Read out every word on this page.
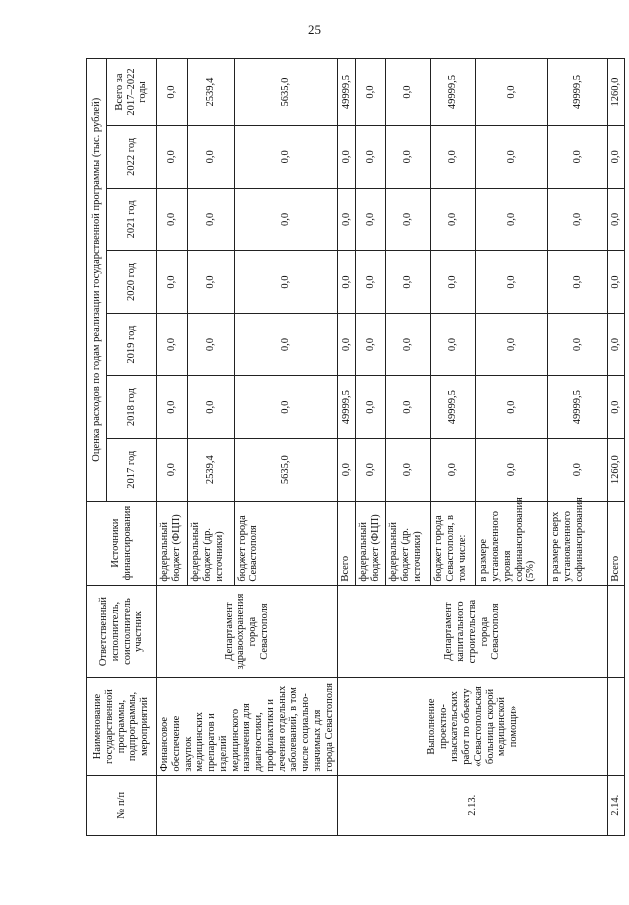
25
№ п/п	Наименование государственной программы, подпрограммы, мероприятий	Ответственный исполнитель, соисполнитель участник	Источники финансирования	Оценка расходов по годам реализации государственной программы (тыс. рублей)						
				2017 год	2018 год	2019 год	2020 год	2021 год	2022 год	Всего за 2017–2022 годы
	Финансовое обеспечение закупок медицинских препаратов и изделий медицинского назначения для диагностики, профилактики и лечения отдельных заболеваний, в том числе социально-значимых для города Севастополя	Департамент здравоохранения города Севастополя	федеральный бюджет (ФЦП)	0,0	0,0	0,0	0,0	0,0	0,0	0,0
			федеральный бюджет (др. источники)	2539,4	0,0	0,0	0,0	0,0	0,0	2539,4
			бюджет города Севастополя	5635,0	0,0	0,0	0,0	0,0	0,0	5635,0
2.13.	Выполнение проектно-изыскательских работ по объекту «Севастопольская больница скорой медицинской помощи»	Департамент капитального строительства города Севастополя	Всего	0,0	49999,5	0,0	0,0	0,0	0,0	49999,5
			федеральный бюджет (ФЦП)	0,0	0,0	0,0	0,0	0,0	0,0	0,0
			федеральный бюджет (др. источники)	0,0	0,0	0,0	0,0	0,0	0,0	0,0
			бюджет города Севастополя, в том числе:	0,0	49999,5	0,0	0,0	0,0	0,0	49999,5
			в размере установленного уровня софинансирования (5%)	0,0	0,0	0,0	0,0	0,0	0,0	0,0
			в размере сверх установленного софинансирования	0,0	49999,5	0,0	0,0	0,0	0,0	49999,5
2.14.			Всего	1260,0	0,0	0,0	0,0	0,0	0,0	1260,0
